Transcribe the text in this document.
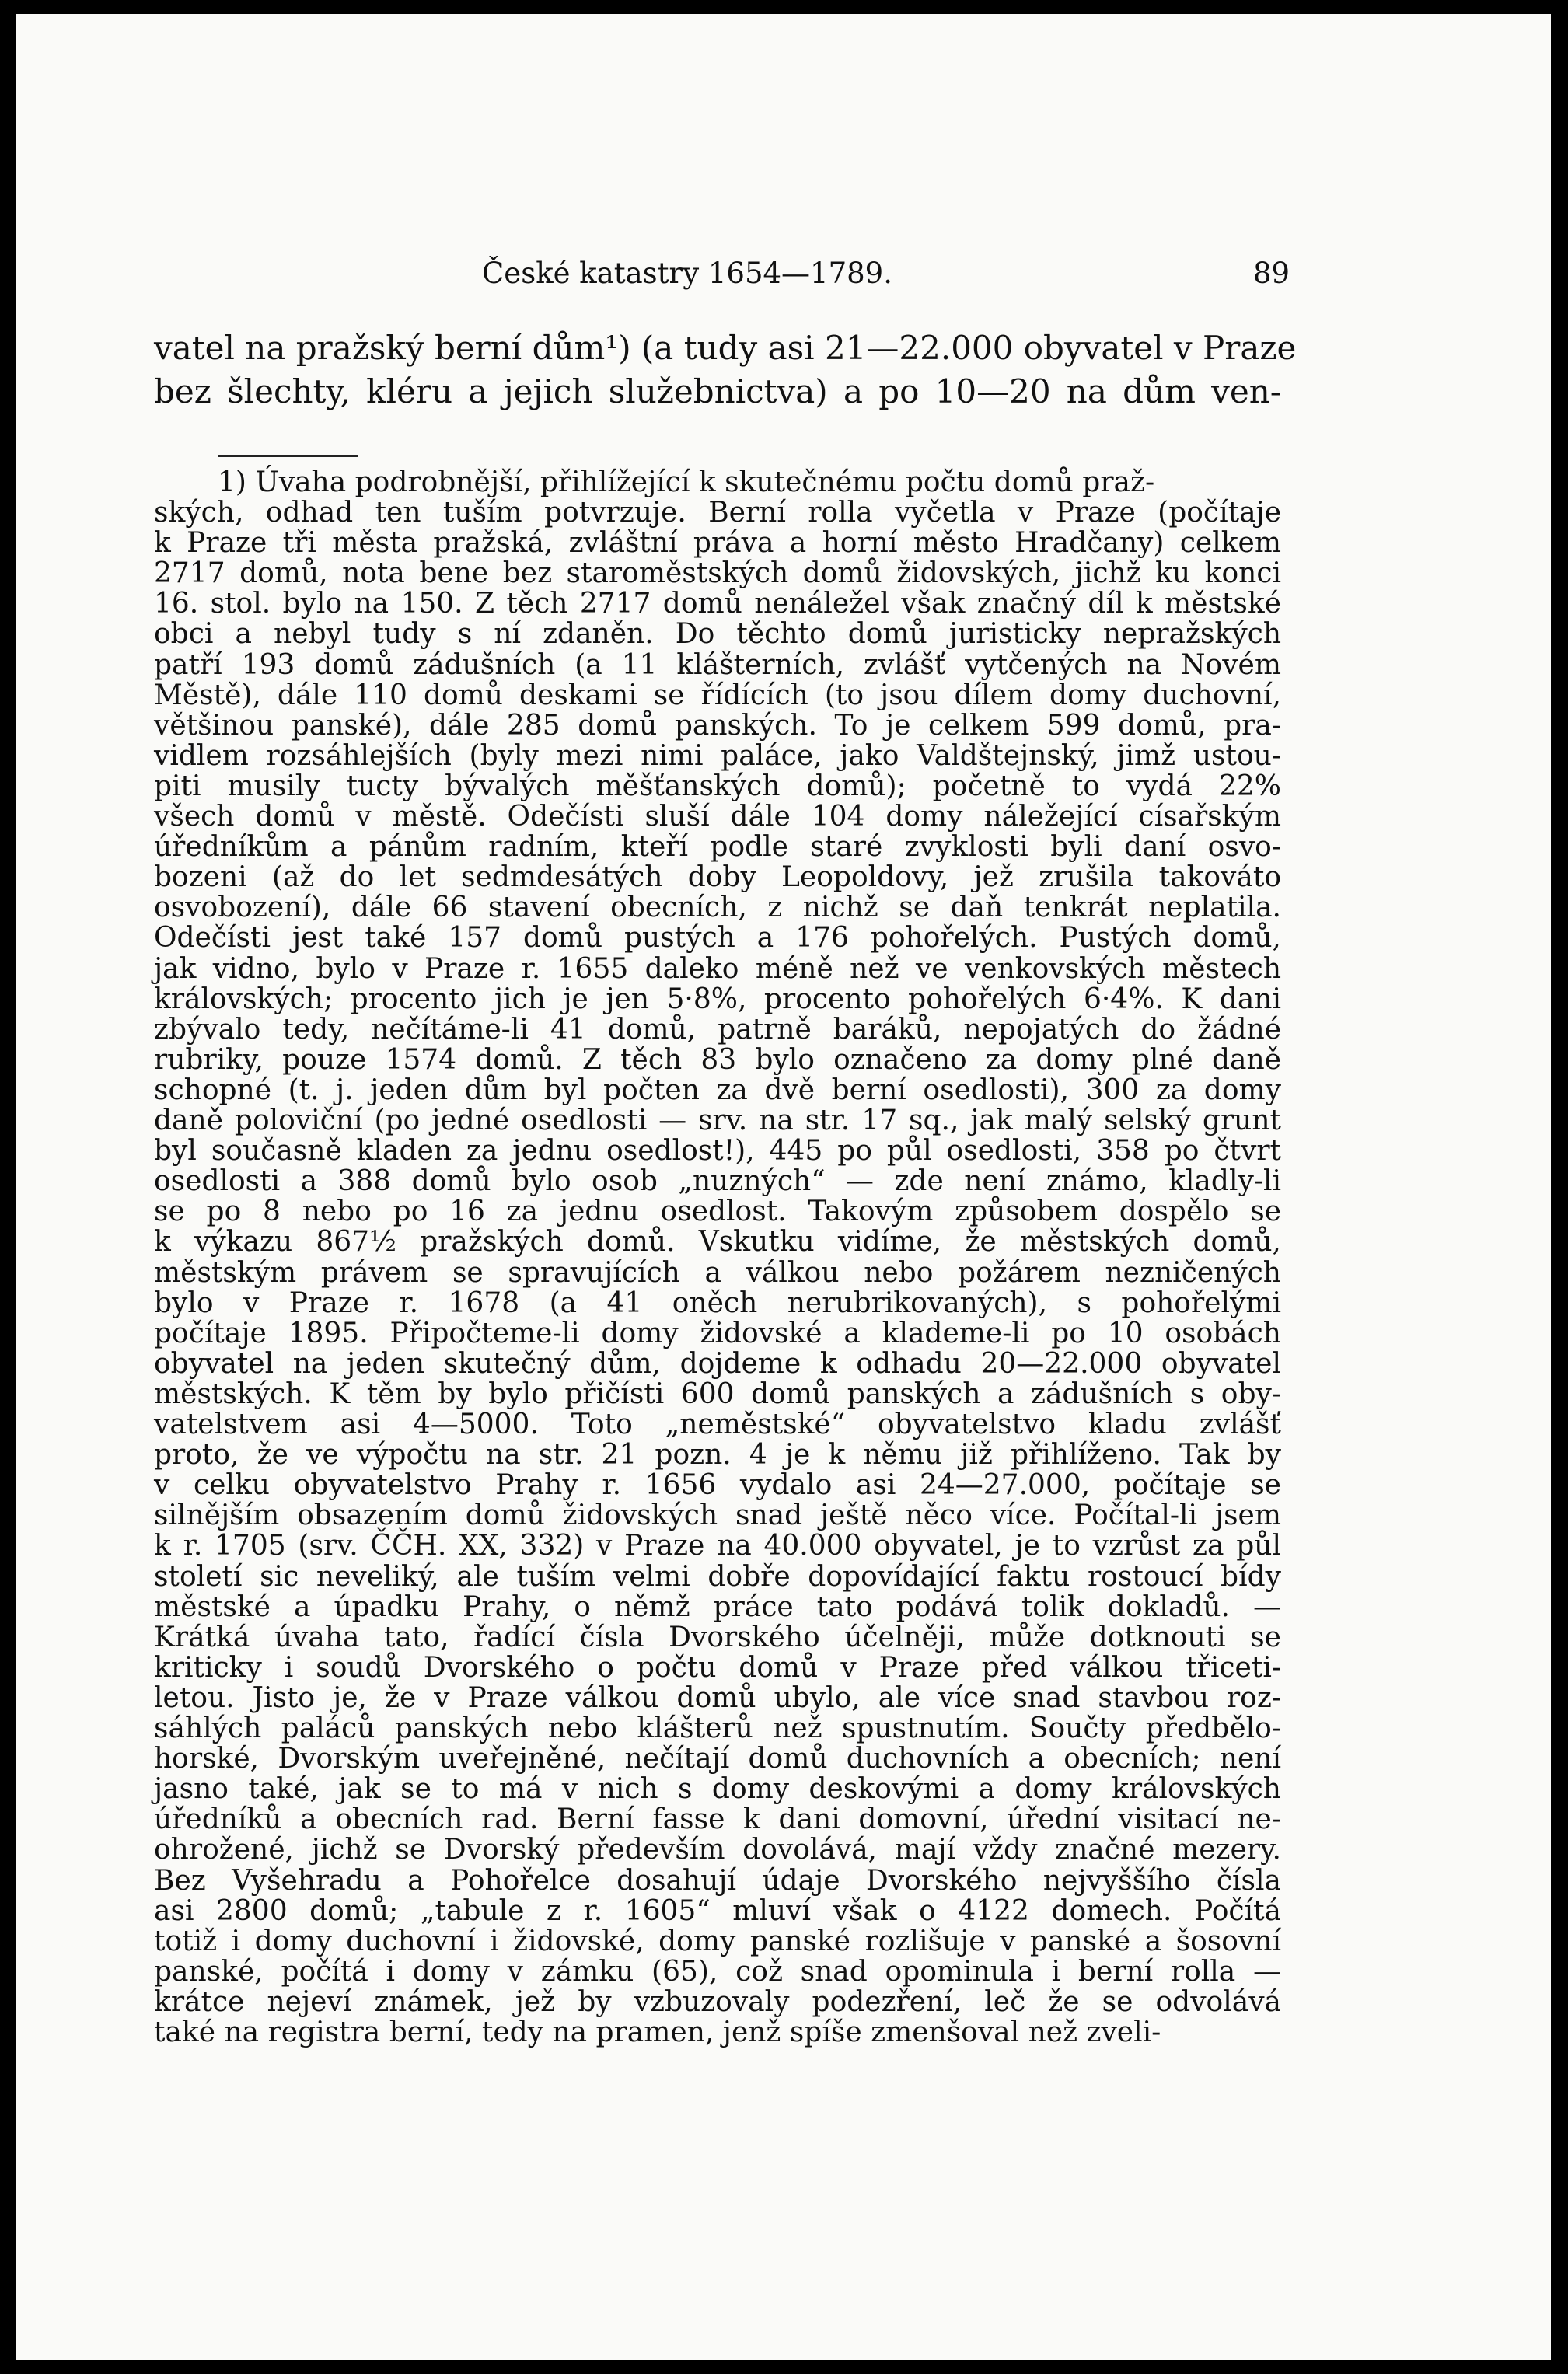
České katastry 1654—1789.	89
vatel na pražský berní dům¹) (a tudy asi 21—22.000 obyvatel v Praze
bez šlechty, kléru a jejich služebnictva) a po 10—20 na dům ven-
1) Úvaha podrobnější, přihlížející k skutečnému počtu domů praž-
ských, odhad ten tuším potvrzuje. Berní rolla vyčetla v Praze (počítaje
k Praze tři města pražská, zvláštní práva a horní město Hradčany) celkem
2717 domů, nota bene bez staroměstských domů židovských, jichž ku konci
16. stol. bylo na 150. Z těch 2717 domů nenáležel však značný díl k městské
obci a nebyl tudy s ní zdaněn. Do těchto domů juristicky nepražských
patří 193 domů zádušních (a 11 klášterních, zvlášť vytčených na Novém
Městě), dále 110 domů deskami se řídících (to jsou dílem domy duchovní,
většinou panské), dále 285 domů panských. To je celkem 599 domů, pra-
vidlem rozsáhlejších (byly mezi nimi paláce, jako Valdštejnský, jimž ustou-
piti musily tucty bývalých měšťanských domů); početně to vydá 22%
všech domů v městě. Odečísti sluší dále 104 domy náležející císařským
úředníkům a pánům radním, kteří podle staré zvyklosti byli daní osvo-
bozeni (až do let sedmdesátých doby Leopoldovy, jež zrušila takováto
osvobození), dále 66 stavení obecních, z nichž se daň tenkrát neplatila.
Odečísti jest také 157 domů pustých a 176 pohořelých. Pustých domů,
jak vidno, bylo v Praze r. 1655 daleko méně než ve venkovských městech
královských; procento jich je jen 5·8%, procento pohořelých 6·4%. K dani
zbývalo tedy, nečítáme-li 41 domů, patrně baráků, nepojatých do žádné
rubriky, pouze 1574 domů. Z těch 83 bylo označeno za domy plné daně
schopné (t. j. jeden dům byl počten za dvě berní osedlosti), 300 za domy
daně poloviční (po jedné osedlosti — srv. na str. 17 sq., jak malý selský grunt
byl současně kladen za jednu osedlost!), 445 po půl osedlosti, 358 po čtvrt
osedlosti a 388 domů bylo osob „nuzných“ — zde není známo, kladly-li
se po 8 nebo po 16 za jednu osedlost. Takovým způsobem dospělo se
k výkazu 867½ pražských domů. Vskutku vidíme, že městských domů,
městským právem se spravujících a válkou nebo požárem nezničených
bylo v Praze r. 1678 (a 41 oněch nerubrikovaných), s pohořelými
počítaje 1895. Připočteme-li domy židovské a klademe-li po 10 osobách
obyvatel na jeden skutečný dům, dojdeme k odhadu 20—22.000 obyvatel
městských. K těm by bylo přičísti 600 domů panských a zádušních s oby-
vatelstvem asi 4—5000. Toto „neměstské“ obyvatelstvo kladu zvlášť
proto, že ve výpočtu na str. 21 pozn. 4 je k němu již přihlíženo. Tak by
v celku obyvatelstvo Prahy r. 1656 vydalo asi 24—27.000, počítaje se
silnějším obsazením domů židovských snad ještě něco více. Počítal-li jsem
k r. 1705 (srv. ČČH. XX, 332) v Praze na 40.000 obyvatel, je to vzrůst za půl
století sic neveliký, ale tuším velmi dobře dopovídající faktu rostoucí bídy
městské a úpadku Prahy, o němž práce tato podává tolik dokladů. —
Krátká úvaha tato, řadící čísla Dvorského účelněji, může dotknouti se
kriticky i soudů Dvorského o počtu domů v Praze před válkou třiceti-
letou. Jisto je, že v Praze válkou domů ubylo, ale více snad stavbou roz-
sáhlých paláců panských nebo klášterů než spustnutím. Součty předbělo-
horské, Dvorským uveřejněné, nečítají domů duchovních a obecních; není
jasno také, jak se to má v nich s domy deskovými a domy královských
úředníků a obecních rad. Berní fasse k dani domovní, úřední visitací ne-
ohrožené, jichž se Dvorský především dovolává, mají vždy značné mezery.
Bez Vyšehradu a Pohořelce dosahují údaje Dvorského nejvyššího čísla
asi 2800 domů; „tabule z r. 1605“ mluví však o 4122 domech. Počítá
totiž i domy duchovní i židovské, domy panské rozlišuje v panské a šosovní
panské, počítá i domy v zámku (65), což snad opominula i berní rolla —
krátce nejeví známek, jež by vzbuzovaly podezření, leč že se odvolává
také na registra berní, tedy na pramen, jenž spíše zmenšoval než zveli-
